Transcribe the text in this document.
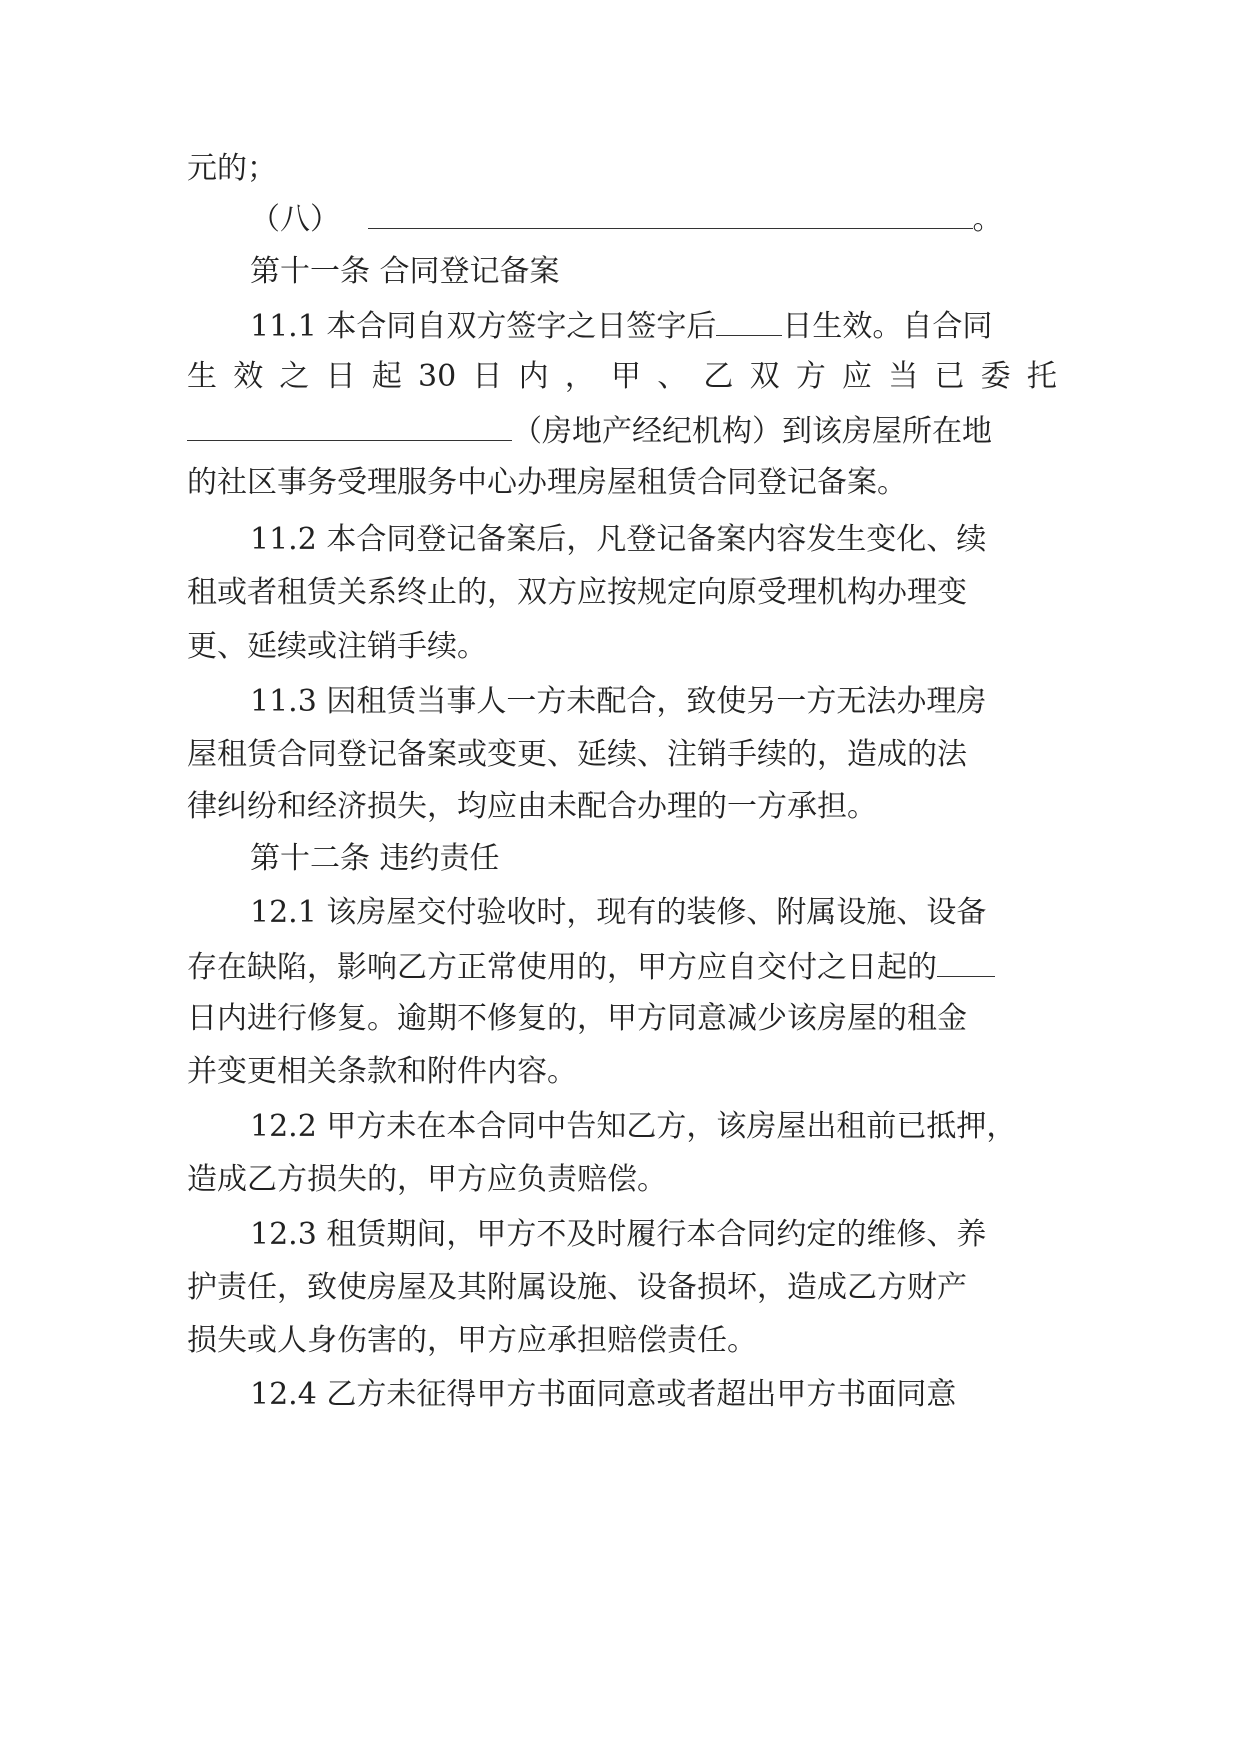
元的；
（八）	。
第十一条 合同登记备案
11.1 本合同自双方签字之日签字后 日生效。自合同
生 效 之 日 起 30 日 内 ， 甲 、 乙 双 方 应 当 已 委 托
（房地产经纪机构）到该房屋所在地
的社区事务受理服务中心办理房屋租赁合同登记备案。
11.2 本合同登记备案后，凡登记备案内容发生变化、续
租或者租赁关系终止的，双方应按规定向原受理机构办理变
更、延续或注销手续。
11.3 因租赁当事人一方未配合，致使另一方无法办理房
屋租赁合同登记备案或变更、延续、注销手续的，造成的法
律纠纷和经济损失，均应由未配合办理的一方承担。
第十二条 违约责任
12.1 该房屋交付验收时，现有的装修、附属设施、设备
存在缺陷，影响乙方正常使用的，甲方应自交付之日起的
日内进行修复。逾期不修复的，甲方同意减少该房屋的租金
并变更相关条款和附件内容。
12.2 甲方未在本合同中告知乙方，该房屋出租前已抵押，
造成乙方损失的，甲方应负责赔偿。
12.3 租赁期间，甲方不及时履行本合同约定的维修、养
护责任，致使房屋及其附属设施、设备损坏，造成乙方财产
损失或人身伤害的，甲方应承担赔偿责任。
12.4 乙方未征得甲方书面同意或者超出甲方书面同意
